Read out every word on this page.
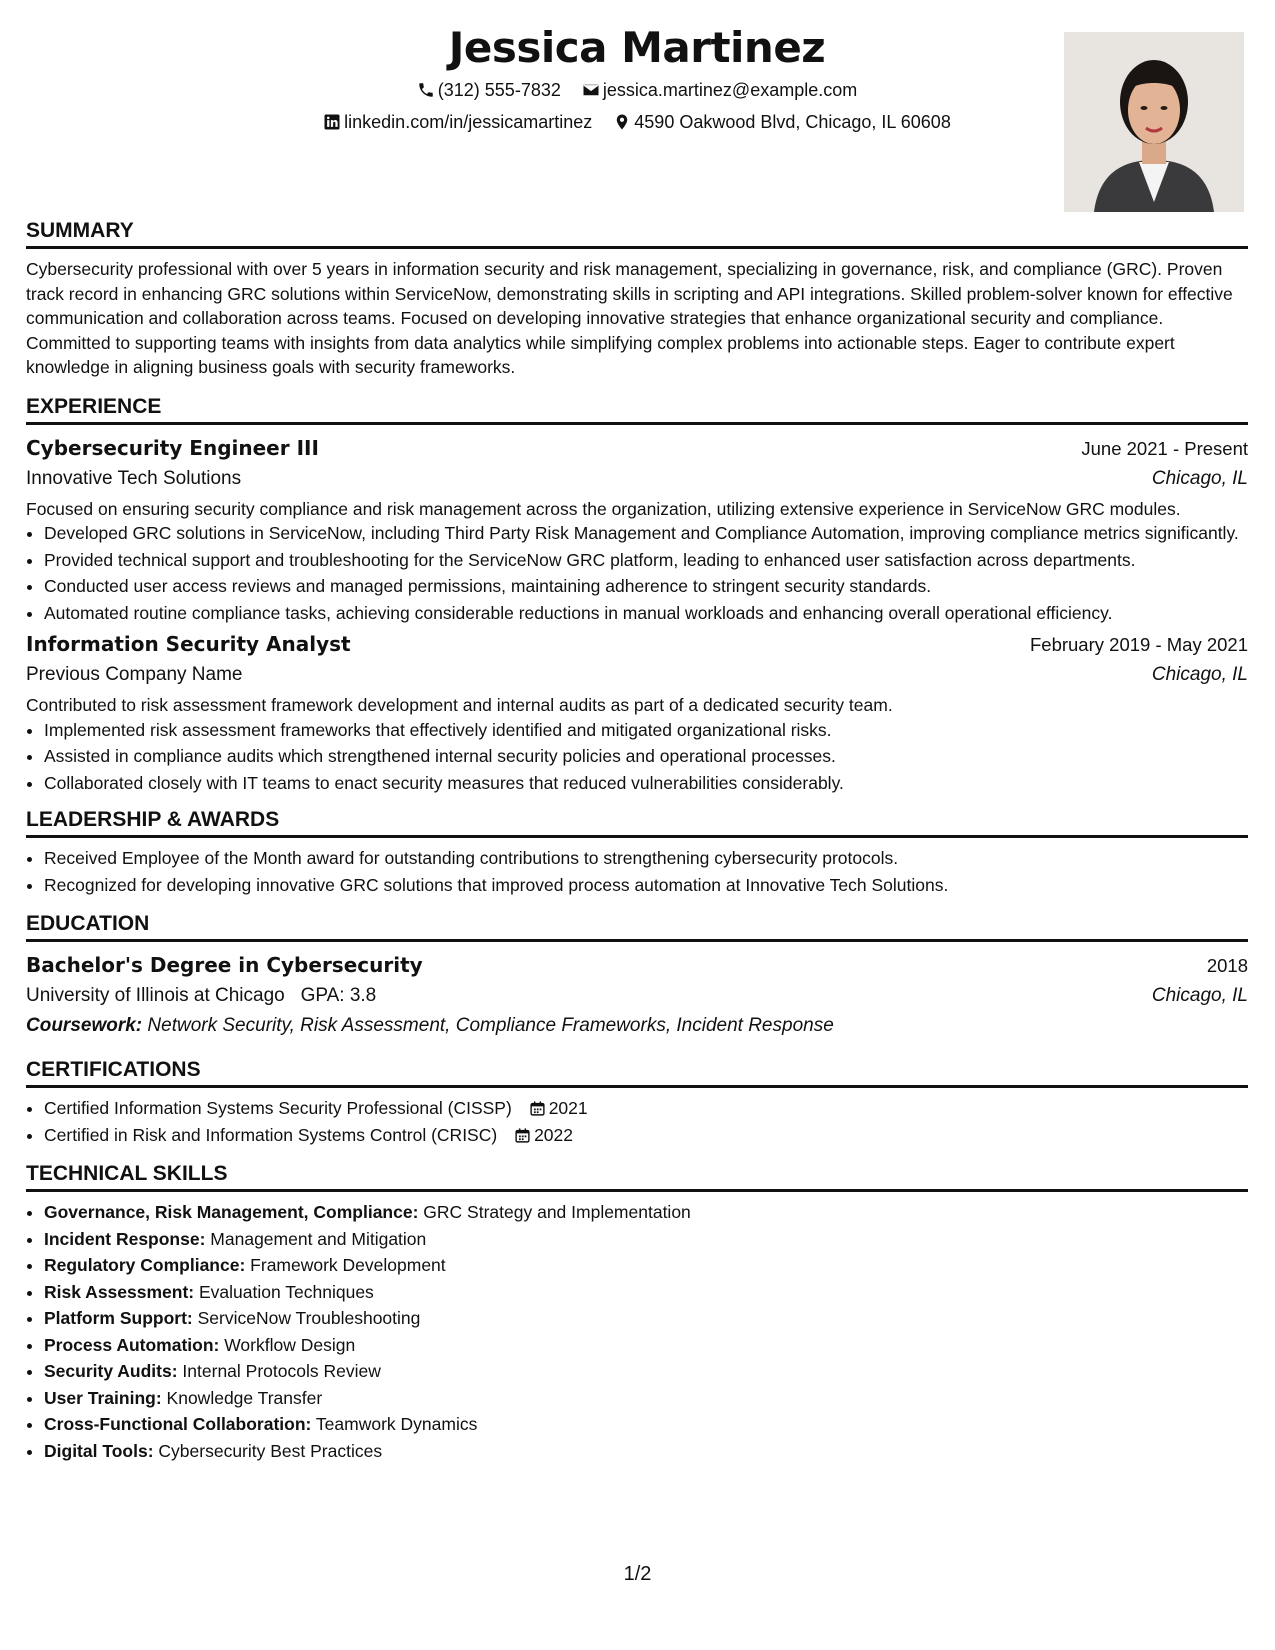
Jessica Martinez
(312) 555-7832
jessica.martinez@example.com
linkedin.com/in/jessicamartinez
4590 Oakwood Blvd, Chicago, IL 60608
SUMMARY

Cybersecurity professional with over 5 years in information security and risk management, specializing in governance, risk, and compliance (GRC). Proven track record in enhancing GRC solutions within ServiceNow, demonstrating skills in scripting and API integrations. Skilled problem-solver known for effective communication and collaboration across teams. Focused on developing innovative strategies that enhance organizational security and compliance. Committed to supporting teams with insights from data analytics while simplifying complex problems into actionable steps. Eager to contribute expert knowledge in aligning business goals with security frameworks.

EXPERIENCE
Cybersecurity Engineer III	June 2021 - Present
Innovative Tech Solutions	Chicago, IL

Focused on ensuring security compliance and risk management across the organization, utilizing extensive experience in ServiceNow GRC modules.

• Developed GRC solutions in ServiceNow, including Third Party Risk Management and Compliance Automation, improving compliance metrics significantly.
• Provided technical support and troubleshooting for the ServiceNow GRC platform, leading to enhanced user satisfaction across departments.
• Conducted user access reviews and managed permissions, maintaining adherence to stringent security standards.
• Automated routine compliance tasks, achieving considerable reductions in manual workloads and enhancing overall operational efficiency.
Information Security Analyst	February 2019 - May 2021
Previous Company Name	Chicago, IL

Contributed to risk assessment framework development and internal audits as part of a dedicated security team.

• Implemented risk assessment frameworks that effectively identified and mitigated organizational risks.
• Assisted in compliance audits which strengthened internal security policies and operational processes.
• Collaborated closely with IT teams to enact security measures that reduced vulnerabilities considerably.
LEADERSHIP & AWARDS
• Received Employee of the Month award for outstanding contributions to strengthening cybersecurity protocols.
• Recognized for developing innovative GRC solutions that improved process automation at Innovative Tech Solutions.
EDUCATION
Bachelor's Degree in Cybersecurity	2018
University of Illinois at Chicago GPA: 3.8	Chicago, IL
Coursework: Network Security, Risk Assessment, Compliance Frameworks, Incident Response
CERTIFICATIONS
• Certified Information Systems Security Professional (CISSP) 2021
• Certified in Risk and Information Systems Control (CRISC) 2022
TECHNICAL SKILLS
• Governance, Risk Management, Compliance: GRC Strategy and Implementation
• Incident Response: Management and Mitigation
• Regulatory Compliance: Framework Development
• Risk Assessment: Evaluation Techniques
• Platform Support: ServiceNow Troubleshooting
• Process Automation: Workflow Design
• Security Audits: Internal Protocols Review
• User Training: Knowledge Transfer
• Cross-Functional Collaboration: Teamwork Dynamics
• Digital Tools: Cybersecurity Best Practices
1/2
